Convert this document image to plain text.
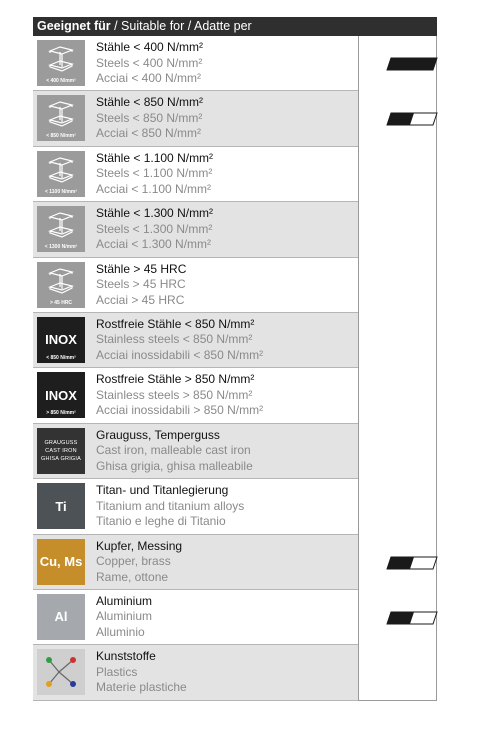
Geeignet für / Suitable for / Adatte per
< 400 N/mm²
Stähle < 400 N/mm²
Steels < 400 N/mm²
Acciai < 400 N/mm²
< 850 N/mm²
Stähle < 850 N/mm²
Steels < 850 N/mm²
Acciai < 850 N/mm²
< 1100 N/mm²
Stähle < 1.100 N/mm²
Steels < 1.100 N/mm²
Acciai < 1.100 N/mm²
< 1300 N/mm²
Stähle < 1.300 N/mm²
Steels < 1.300 N/mm²
Acciai < 1.300 N/mm²
> 45 HRC
Stähle > 45 HRC
Steels > 45 HRC
Acciai > 45 HRC
INOX
< 850 N/mm²
Rostfreie Stähle < 850 N/mm²
Stainless steels < 850 N/mm²
Acciai inossidabili < 850 N/mm²
INOX
> 850 N/mm²
Rostfreie Stähle > 850 N/mm²
Stainless steels > 850 N/mm²
Acciai inossidabili > 850 N/mm²
GRAUGUSS
CAST IRON
GHISA GRIGIA
Grauguss, Temperguss
Cast iron, malleable cast iron
Ghisa grigia, ghisa malleabile
Ti
Titan- und Titanlegierung
Titanium and titanium alloys
Titanio e leghe di Titanio
Cu, Ms
Kupfer, Messing
Copper, brass
Rame, ottone
Al
Aluminium
Aluminium
Alluminio
Kunststoffe
Plastics
Materie plastiche
